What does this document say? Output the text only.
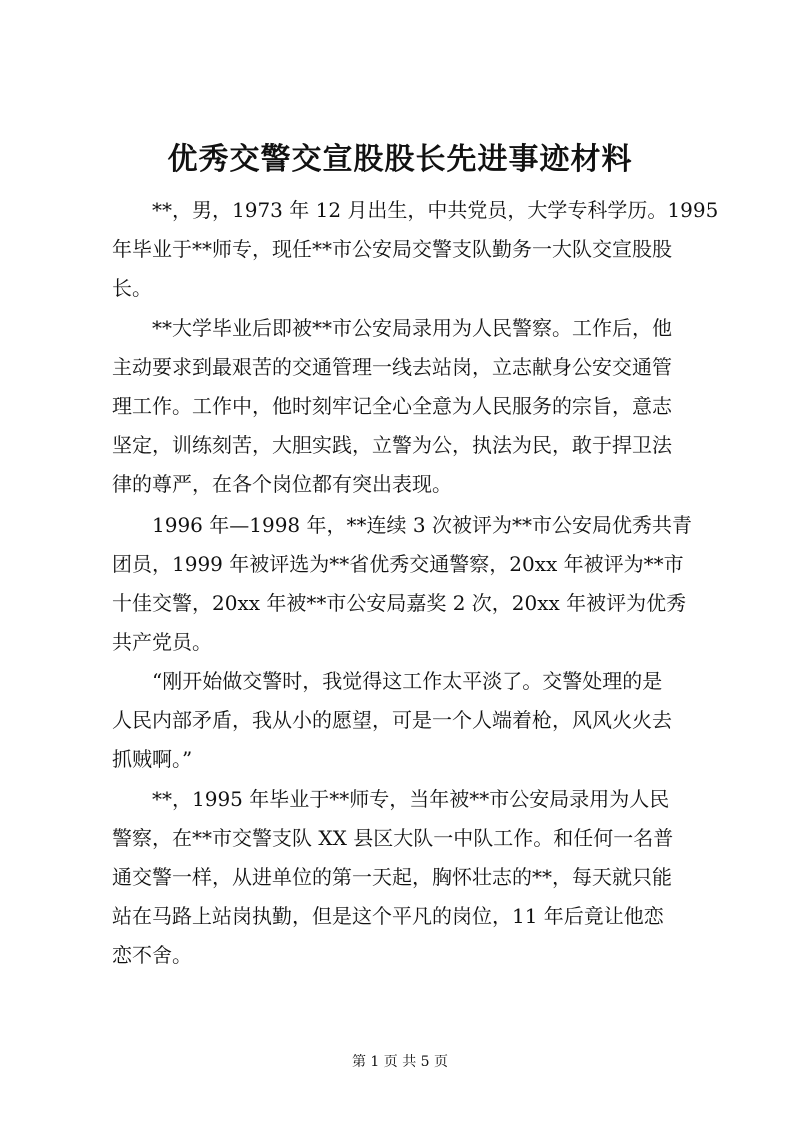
优秀交警交宣股股长先进事迹材料
**，男，1973 年 12 月出生，中共党员，大学专科学历。1995
年毕业于**师专，现任**市公安局交警支队勤务一大队交宣股股
长。
**大学毕业后即被**市公安局录用为人民警察。工作后，他
主动要求到最艰苦的交通管理一线去站岗，立志献身公安交通管
理工作。工作中，他时刻牢记全心全意为人民服务的宗旨，意志
坚定，训练刻苦，大胆实践，立警为公，执法为民，敢于捍卫法
律的尊严，在各个岗位都有突出表现。
1996 年—1998 年，**连续 3 次被评为**市公安局优秀共青
团员，1999 年被评选为**省优秀交通警察，20xx 年被评为**市
十佳交警，20xx 年被**市公安局嘉奖 2 次，20xx 年被评为优秀
共产党员。
“刚开始做交警时，我觉得这工作太平淡了。交警处理的是
人民内部矛盾，我从小的愿望，可是一个人端着枪，风风火火去
抓贼啊。”
**，1995 年毕业于**师专，当年被**市公安局录用为人民
警察，在**市交警支队 XX 县区大队一中队工作。和任何一名普
通交警一样，从进单位的第一天起，胸怀壮志的**，每天就只能
站在马路上站岗执勤，但是这个平凡的岗位，11 年后竟让他恋
恋不舍。
第 1 页 共 5 页
